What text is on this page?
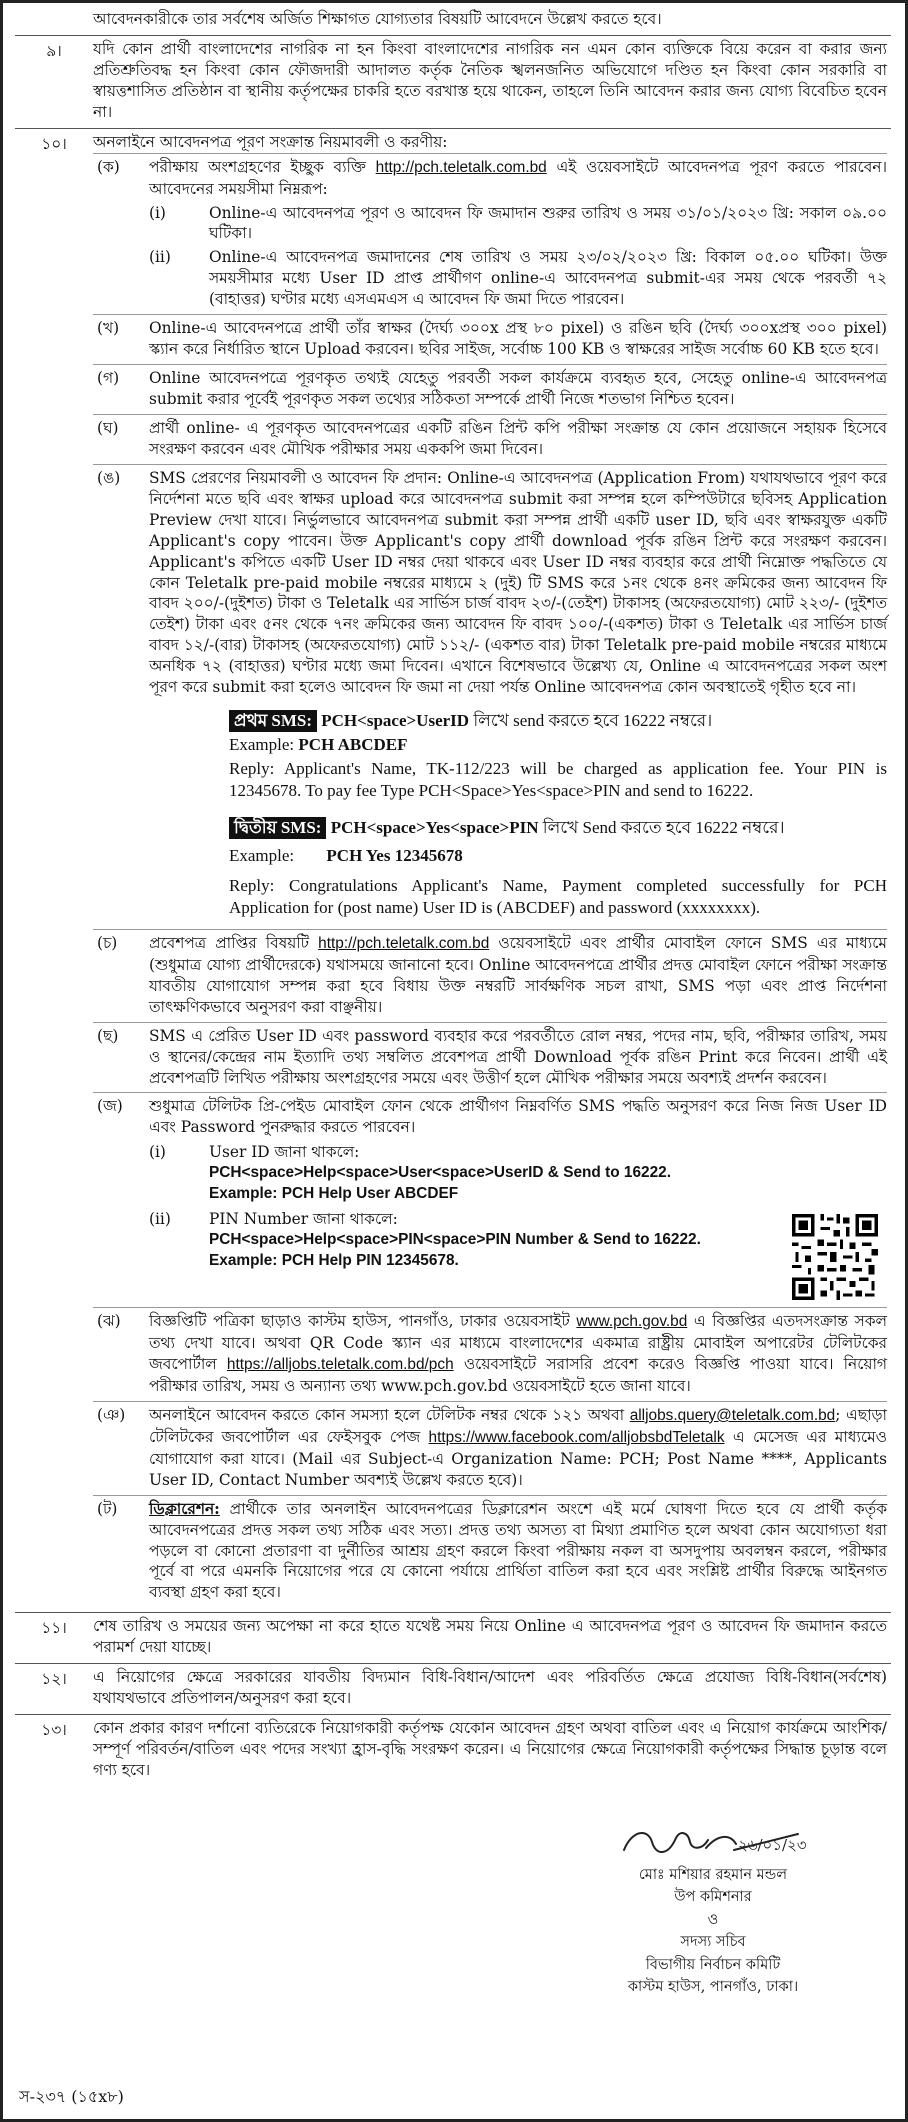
আবেদনকারীকে তার সর্বশেষ অর্জিত শিক্ষাগত যোগ্যতার বিষয়টি আবেদনে উল্লেখ করতে হবে।
৯।	যদি কোন প্রার্থী বাংলাদেশের নাগরিক না হন কিংবা বাংলাদেশের নাগরিক নন এমন কোন ব্যক্তিকে বিয়ে করেন বা করার জন্য প্রতিশ্রুতিবদ্ধ হন কিংবা কোন ফৌজদারী আদালত কর্তৃক নৈতিক স্খলনজনিত অভিযোগে দণ্ডিত হন কিংবা কোন সরকারি বা স্বায়ত্তশাসিত প্রতিষ্ঠান বা স্থানীয় কর্তৃপক্ষের চাকরি হতে বরখাস্ত হয়ে থাকেন, তাহলে তিনি আবেদন করার জন্য যোগ্য বিবেচিত হবেন না।
১০।	অনলাইনে আবেদনপত্র পূরণ সংক্রান্ত নিয়মাবলী ও করণীয়:
(ক)	পরীক্ষায় অংশগ্রহণের ইচ্ছুক ব্যক্তি http://pch.teletalk.com.bd এই ওয়েবসাইটে আবেদনপত্র পূরণ করতে পারবেন। আবেদনের সময়সীমা নিম্নরূপ:
(i)	Online-এ আবেদনপত্র পূরণ ও আবেদন ফি জমাদান শুরুর তারিখ ও সময় ৩১/০১/২০২৩ খ্রি: সকাল ০৯.০০ ঘটিকা।
(ii)	Online-এ আবেদনপত্র জমাদানের শেষ তারিখ ও সময় ২৩/০২/২০২৩ খ্রি: বিকাল ০৫.০০ ঘটিকা। উক্ত সময়সীমার মধ্যে User ID প্রাপ্ত প্রার্থীগণ online-এ আবেদনপত্র submit-এর সময় থেকে পরবর্তী ৭২ (বাহাত্তর) ঘণ্টার মধ্যে এসএমএস এ আবেদন ফি জমা দিতে পারবেন।
(খ)	Online-এ আবেদনপত্রে প্রার্থী তাঁর স্বাক্ষর (দৈর্ঘ্য ৩০০x প্রস্থ ৮০ pixel) ও রঙিন ছবি (দৈর্ঘ্য ৩০০xপ্রস্থ ৩০০ pixel) স্ক্যান করে নির্ধারিত স্থানে Upload করবেন। ছবির সাইজ, সর্বোচ্চ 100 KB ও স্বাক্ষরের সাইজ সর্বোচ্চ 60 KB হতে হবে।
(গ)	Online আবেদনপত্রে পূরণকৃত তথ্যই যেহেতু পরবর্তী সকল কার্যক্রমে ব্যবহৃত হবে, সেহেতু online-এ আবেদনপত্র submit করার পূর্বেই পূরণকৃত সকল তথ্যের সঠিকতা সম্পর্কে প্রার্থী নিজে শতভাগ নিশ্চিত হবেন।
(ঘ)	প্রার্থী online- এ পূরণকৃত আবেদনপত্রের একটি রঙিন প্রিন্ট কপি পরীক্ষা সংক্রান্ত যে কোন প্রয়োজনে সহায়ক হিসেবে সংরক্ষণ করবেন এবং মৌখিক পরীক্ষার সময় এককপি জমা দিবেন।
(ঙ)	SMS প্রেরণের নিয়মাবলী ও আবেদন ফি প্রদান: Online-এ আবেদনপত্র (Application From) যথাযথভাবে পূরণ করে নির্দেশনা মতে ছবি এবং স্বাক্ষর upload করে আবেদনপত্র submit করা সম্পন্ন হলে কম্পিউটারে ছবিসহ Application Preview দেখা যাবে। নির্ভুলভাবে আবেদনপত্র submit করা সম্পন্ন প্রার্থী একটি user ID, ছবি এবং স্বাক্ষরযুক্ত একটি Applicant's copy পাবেন। উক্ত Applicant's copy প্রার্থী download পূর্বক রঙিন প্রিন্ট করে সংরক্ষণ করবেন। Applicant's কপিতে একটি User ID নম্বর দেয়া থাকবে এবং User ID নম্বর ব্যবহার করে প্রার্থী নিম্নোক্ত পদ্ধতিতে যে কোন Teletalk pre-paid mobile নম্বরের মাধ্যমে ২ (দুই) টি SMS করে ১নং থেকে ৪নং ক্রমিকের জন্য আবেদন ফি বাবদ ২০০/-(দুইশত) টাকা ও Teletalk এর সার্ভিস চার্জ বাবদ ২৩/-(তেইশ) টাকাসহ (অফেরতযোগ্য) মোট ২২৩/- (দুইশত তেইশ) টাকা এবং ৫নং থেকে ৭নং ক্রমিকের জন্য আবেদন ফি বাবদ ১০০/-(একশত) টাকা ও Teletalk এর সার্ভিস চার্জ বাবদ ১২/-(বার) টাকাসহ (অফেরতযোগ্য) মোট ১১২/- (একশত বার) টাকা Teletalk pre-paid mobile নম্বরের মাধ্যমে অনধিক ৭২ (বাহাত্তর) ঘণ্টার মধ্যে জমা দিবেন। এখানে বিশেষভাবে উল্লেখ্য যে, Online এ আবেদনপত্রের সকল অংশ পূরণ করে submit করা হলেও আবেদন ফি জমা না দেয়া পর্যন্ত Online আবেদনপত্র কোন অবস্থাতেই গৃহীত হবে না।

প্রথম SMS: PCH<space>UserID লিখে send করতে হবে 16222 নম্বরে।

Example: PCH ABCDEF

Reply: Applicant's Name, TK-112/223 will be charged as application fee. Your PIN is 12345678. To pay fee Type PCH<Space>Yes<space>PIN and send to 16222.

দ্বিতীয় SMS: PCH<space>Yes<space>PIN লিখে Send করতে হবে 16222 নম্বরে।

Example: PCH Yes 12345678

Reply: Congratulations Applicant's Name, Payment completed successfully for PCH Application for (post name) User ID is (ABCDEF) and password (xxxxxxxx).

(চ)	প্রবেশপত্র প্রাপ্তির বিষয়টি http://pch.teletalk.com.bd ওয়েবসাইটে এবং প্রার্থীর মোবাইল ফোনে SMS এর মাধ্যমে (শুধুমাত্র যোগ্য প্রার্থীদেরকে) যথাসময়ে জানানো হবে। Online আবেদনপত্রে প্রার্থীর প্রদত্ত মোবাইল ফোনে পরীক্ষা সংক্রান্ত যাবতীয় যোগাযোগ সম্পন্ন করা হবে বিধায় উক্ত নম্বরটি সার্বক্ষণিক সচল রাখা, SMS পড়া এবং প্রাপ্ত নির্দেশনা তাৎক্ষণিকভাবে অনুসরণ করা বাঞ্ছনীয়।
(ছ)	SMS এ প্রেরিত User ID এবং password ব্যবহার করে পরবর্তীতে রোল নম্বর, পদের নাম, ছবি, পরীক্ষার তারিখ, সময় ও স্থানের/কেন্দ্রের নাম ইত্যাদি তথ্য সম্বলিত প্রবেশপত্র প্রার্থী Download পূর্বক রঙিন Print করে নিবেন। প্রার্থী এই প্রবেশপত্রটি লিখিত পরীক্ষায় অংশগ্রহণের সময়ে এবং উত্তীর্ণ হলে মৌখিক পরীক্ষার সময়ে অবশ্যই প্রদর্শন করবেন।
(জ)	শুধুমাত্র টেলিটক প্রি-পেইড মোবাইল ফোন থেকে প্রার্থীগণ নিম্নবর্ণিত SMS পদ্ধতি অনুসরণ করে নিজ নিজ User ID এবং Password পুনরুদ্ধার করতে পারবেন।
(i)	User ID জানা থাকলে:
PCH<space>Help<space>User<space>UserID & Send to 16222.
Example: PCH Help User ABCDEF
(ii)	PIN Number জানা থাকলে:
PCH<space>Help<space>PIN<space>PIN Number & Send to 16222.
Example: PCH Help PIN 12345678.
(ঝ)	বিজ্ঞপ্তিটি পত্রিকা ছাড়াও কাস্টম হাউস, পানগাঁও, ঢাকার ওয়েবসাইট www.pch.gov.bd এ বিজ্ঞপ্তির এতদসংক্রান্ত সকল তথ্য দেখা যাবে। অথবা QR Code স্ক্যান এর মাধ্যমে বাংলাদেশের একমাত্র রাষ্ট্রীয় মোবাইল অপারেটর টেলিটকের জবপোর্টাল https://alljobs.teletalk.com.bd/pch ওয়েবসাইটে সরাসরি প্রবেশ করেও বিজ্ঞপ্তি পাওয়া যাবে। নিয়োগ পরীক্ষার তারিখ, সময় ও অন্যান্য তথ্য www.pch.gov.bd ওয়েবসাইটে হতে জানা যাবে।
(ঞ)	অনলাইনে আবেদন করতে কোন সমস্যা হলে টেলিটক নম্বর থেকে ১২১ অথবা alljobs.query@teletalk.com.bd; এছাড়া টেলিটকের জবপোর্টাল এর ফেইসবুক পেজ https://www.facebook.com/alljobsbdTeletalk এ মেসেজ এর মাধ্যমেও যোগাযোগ করা যাবে। (Mail এর Subject-এ Organization Name: PCH; Post Name ****, Applicants User ID, Contact Number অবশ্যই উল্লেখ করতে হবে)।
(ট)	ডিক্লারেশন: প্রার্থীকে তার অনলাইন আবেদনপত্রের ডিক্লারেশন অংশে এই মর্মে ঘোষণা দিতে হবে যে প্রার্থী কর্তৃক আবেদনপত্রের প্রদত্ত সকল তথ্য সঠিক এবং সত্য। প্রদত্ত তথ্য অসত্য বা মিথ্যা প্রমাণিত হলে অথবা কোন অযোগ্যতা ধরা পড়লে বা কোনো প্রতারণা বা দুর্নীতির আশ্রয় গ্রহণ করলে কিংবা পরীক্ষায় নকল বা অসদুপায় অবলম্বন করলে, পরীক্ষার পূর্বে বা পরে এমনকি নিয়োগের পরে যে কোনো পর্যায়ে প্রার্থিতা বাতিল করা হবে এবং সংশ্লিষ্ট প্রার্থীর বিরুদ্ধে আইনগত ব্যবস্থা গ্রহণ করা হবে।
১১।	শেষ তারিখ ও সময়ের জন্য অপেক্ষা না করে হাতে যথেষ্ট সময় নিয়ে Online এ আবেদনপত্র পূরণ ও আবেদন ফি জমাদান করতে পরামর্শ দেয়া যাচ্ছে।
১২।	এ নিয়োগের ক্ষেত্রে সরকারের যাবতীয় বিদ্যমান বিধি-বিধান/আদেশ এবং পরিবর্তিত ক্ষেত্রে প্রযোজ্য বিধি-বিধান(সর্বশেষ) যথাযথভাবে প্রতিপালন/অনুসরণ করা হবে।
১৩।	কোন প্রকার কারণ দর্শানো ব্যতিরেকে নিয়োগকারী কর্তৃপক্ষ যেকোন আবেদন গ্রহণ অথবা বাতিল এবং এ নিয়োগ কার্যক্রমে আংশিক/সম্পূর্ণ পরিবর্তন/বাতিল এবং পদের সংখ্যা হ্রাস-বৃদ্ধি সংরক্ষণ করেন। এ নিয়োগের ক্ষেত্রে নিয়োগকারী কর্তৃপক্ষের সিদ্ধান্ত চূড়ান্ত বলে গণ্য হবে।
২৬/০১/২৩
মোঃ মশিয়ার রহমান মন্ডল
উপ কমিশনার
ও
সদস্য সচিব
বিভাগীয় নির্বাচন কমিটি
কাস্টম হাউস, পানগাঁও, ঢাকা।
স-২৩৭ (১৫x৮)
